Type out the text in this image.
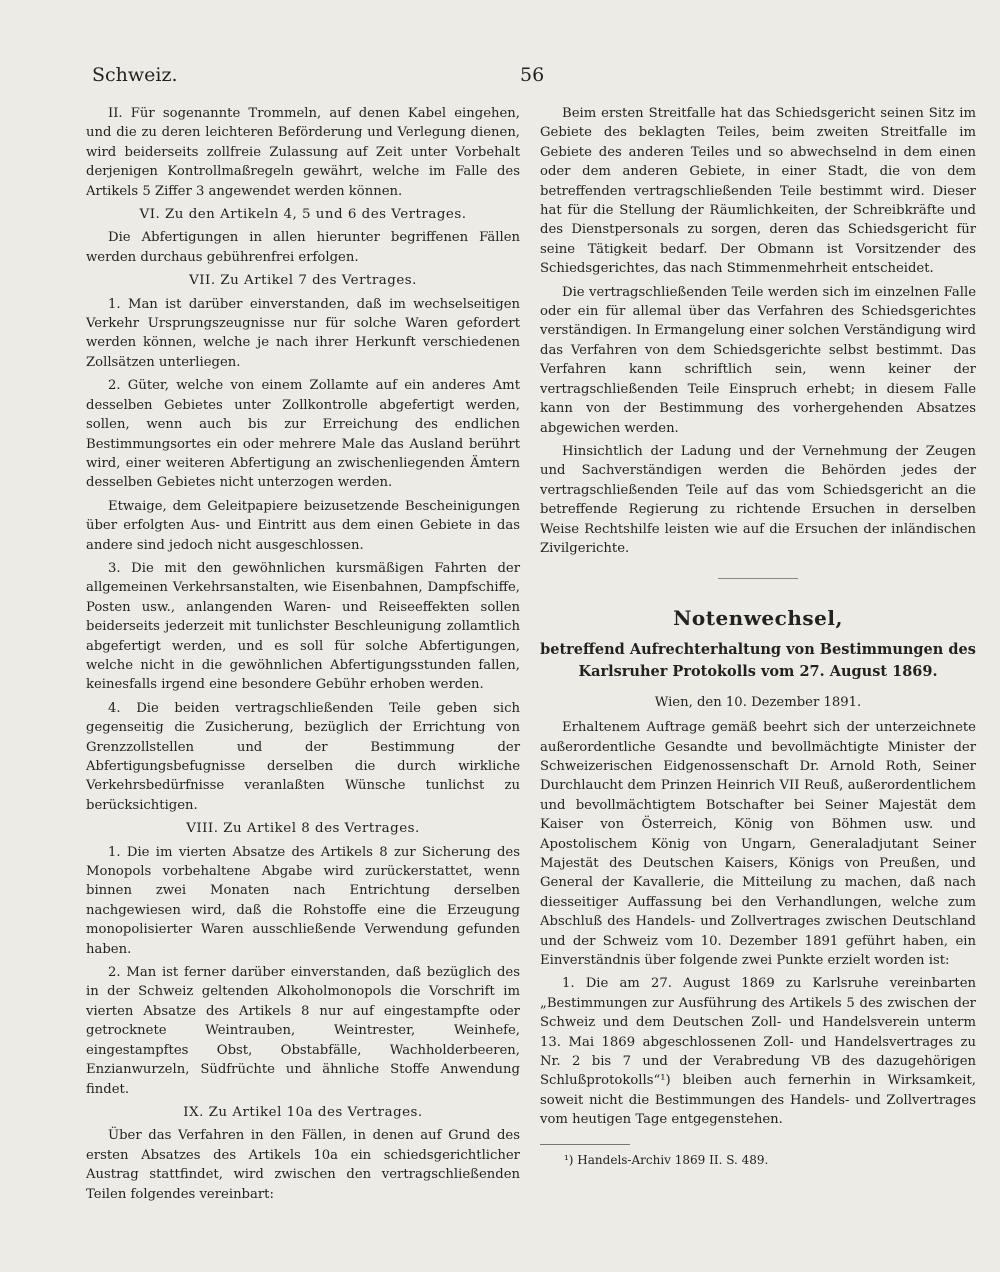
Schweiz.	56

II. Für sogenannte Trommeln, auf denen Kabel eingehen, und die zu deren leichteren Beförderung und Verlegung dienen, wird beiderseits zollfreie Zulassung auf Zeit unter Vorbehalt derjenigen Kontrollmaßregeln gewährt, welche im Falle des Artikels 5 Ziffer 3 angewendet werden können.

VI. Zu den Artikeln 4, 5 und 6 des Vertrages.

Die Abfertigungen in allen hierunter begriffenen Fällen werden durchaus gebührenfrei erfolgen.

VII. Zu Artikel 7 des Vertrages.

1. Man ist darüber einverstanden, daß im wechselseitigen Verkehr Ursprungszeugnisse nur für solche Waren gefordert werden können, welche je nach ihrer Herkunft verschiedenen Zollsätzen unterliegen.

2. Güter, welche von einem Zollamte auf ein anderes Amt desselben Gebietes unter Zollkontrolle abgefertigt werden, sollen, wenn auch bis zur Erreichung des endlichen Bestimmungsortes ein oder mehrere Male das Ausland berührt wird, einer weiteren Abfertigung an zwischenliegenden Ämtern desselben Gebietes nicht unterzogen werden.

Etwaige, dem Geleitpapiere beizusetzende Bescheinigungen über erfolgten Aus- und Eintritt aus dem einen Gebiete in das andere sind jedoch nicht ausgeschlossen.

3. Die mit den gewöhnlichen kursmäßigen Fahrten der allgemeinen Verkehrsanstalten, wie Eisenbahnen, Dampfschiffe, Posten usw., anlangenden Waren- und Reiseeffekten sollen beiderseits jederzeit mit tunlichster Beschleunigung zollamtlich abgefertigt werden, und es soll für solche Abfertigungen, welche nicht in die gewöhnlichen Abfertigungsstunden fallen, keinesfalls irgend eine besondere Gebühr erhoben werden.

4. Die beiden vertragschließenden Teile geben sich gegenseitig die Zusicherung, bezüglich der Errichtung von Grenzzollstellen und der Bestimmung der Abfertigungsbefugnisse derselben die durch wirkliche Verkehrsbedürfnisse veranlaßten Wünsche tunlichst zu berücksichtigen.

VIII. Zu Artikel 8 des Vertrages.

1. Die im vierten Absatze des Artikels 8 zur Sicherung des Monopols vorbehaltene Abgabe wird zurückerstattet, wenn binnen zwei Monaten nach Entrichtung derselben nachgewiesen wird, daß die Rohstoffe eine die Erzeugung monopolisierter Waren ausschließende Verwendung gefunden haben.

2. Man ist ferner darüber einverstanden, daß bezüglich des in der Schweiz geltenden Alkoholmonopols die Vorschrift im vierten Absatze des Artikels 8 nur auf eingestampfte oder getrocknete Weintrauben, Weintrester, Weinhefe, eingestampftes Obst, Obstabfälle, Wachholderbeeren, Enzianwurzeln, Südfrüchte und ähnliche Stoffe Anwendung findet.

IX. Zu Artikel 10a des Vertrages.

Über das Verfahren in den Fällen, in denen auf Grund des ersten Absatzes des Artikels 10a ein schiedsgerichtlicher Austrag stattfindet, wird zwischen den vertragschließenden Teilen folgendes vereinbart:

Beim ersten Streitfalle hat das Schiedsgericht seinen Sitz im Gebiete des beklagten Teiles, beim zweiten Streitfalle im Gebiete des anderen Teiles und so abwechselnd in dem einen oder dem anderen Gebiete, in einer Stadt, die von dem betreffenden vertragschließenden Teile bestimmt wird. Dieser hat für die Stellung der Räumlichkeiten, der Schreibkräfte und des Dienstpersonals zu sorgen, deren das Schiedsgericht für seine Tätigkeit bedarf. Der Obmann ist Vorsitzender des Schiedsgerichtes, das nach Stimmenmehrheit entscheidet.

Die vertragschließenden Teile werden sich im einzelnen Falle oder ein für allemal über das Verfahren des Schiedsgerichtes verständigen. In Ermangelung einer solchen Verständigung wird das Verfahren von dem Schiedsgerichte selbst bestimmt. Das Verfahren kann schriftlich sein, wenn keiner der vertragschließenden Teile Einspruch erhebt; in diesem Falle kann von der Bestimmung des vorhergehenden Absatzes abgewichen werden.

Hinsichtlich der Ladung und der Vernehmung der Zeugen und Sachverständigen werden die Behörden jedes der vertragschließenden Teile auf das vom Schiedsgericht an die betreffende Regierung zu richtende Ersuchen in derselben Weise Rechtshilfe leisten wie auf die Ersuchen der inländischen Zivilgerichte.

Notenwechsel,
betreffend Aufrechterhaltung von Bestimmungen des
Karlsruher Protokolls vom 27. August 1869.
Wien, den 10. Dezember 1891.

Erhaltenem Auftrage gemäß beehrt sich der unterzeichnete außerordentliche Gesandte und bevollmächtigte Minister der Schweizerischen Eidgenossenschaft Dr. Arnold Roth, Seiner Durchlaucht dem Prinzen Heinrich VII Reuß, außerordentlichem und bevollmächtigtem Botschafter bei Seiner Majestät dem Kaiser von Österreich, König von Böhmen usw. und Apostolischem König von Ungarn, Generaladjutant Seiner Majestät des Deutschen Kaisers, Königs von Preußen, und General der Kavallerie, die Mitteilung zu machen, daß nach diesseitiger Auffassung bei den Verhandlungen, welche zum Abschluß des Handels- und Zollvertrages zwischen Deutschland und der Schweiz vom 10. Dezember 1891 geführt haben, ein Einverständnis über folgende zwei Punkte erzielt worden ist:

1. Die am 27. August 1869 zu Karlsruhe vereinbarten „Bestimmungen zur Ausführung des Artikels 5 des zwischen der Schweiz und dem Deutschen Zoll- und Handelsverein unterm 13. Mai 1869 abgeschlossenen Zoll- und Handelsvertrages zu Nr. 2 bis 7 und der Verabredung VB des dazugehörigen Schlußprotokolls“¹) bleiben auch fernerhin in Wirksamkeit, soweit nicht die Bestimmungen des Handels- und Zollvertrages vom heutigen Tage entgegenstehen.

¹) Handels-Archiv 1869 II. S. 489.
